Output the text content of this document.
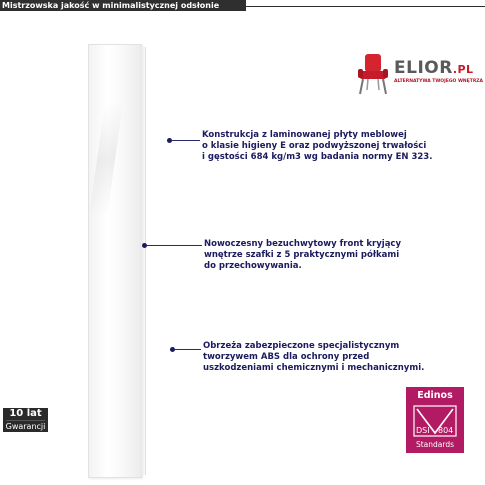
Mistrzowska jakość w minimalistycznej odsłonie
ELIOR.PL
ALTERNATYWA TWOJEGO WNĘTRZA
Konstrukcja z laminowanej płyty meblowej
o klasie higieny E oraz podwyższonej trwałości
i gęstości 684 kg/m3 wg badania normy EN 323.
Nowoczesny bezuchwytowy front kryjący
wnętrze szafki z 5 praktycznymi półkami
do przechowywania.
Obrzeża zabezpieczone specjalistycznym
tworzywem ABS dla ochrony przed
uszkodzeniami chemicznymi i mechanicznymi.
10 lat
Gwarancji
Edinos
DSI 804
Standards
